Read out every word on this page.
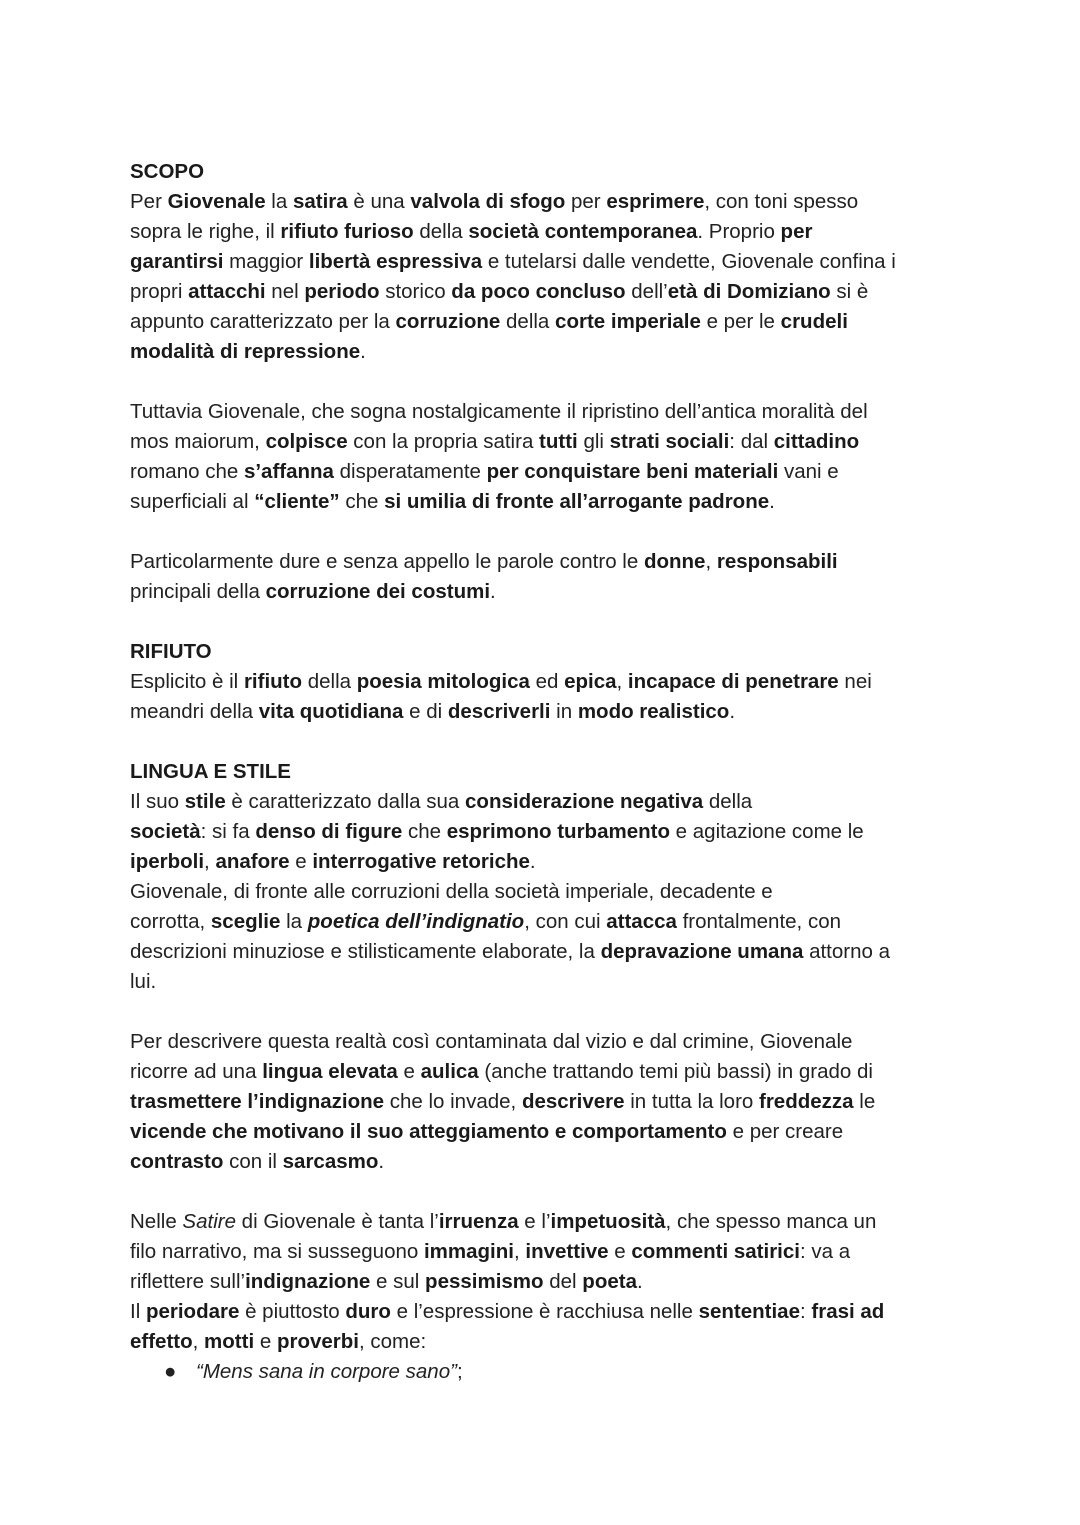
SCOPO

Per Giovenale la satira è una valvola di sfogo per esprimere, con toni spesso
sopra le righe, il rifiuto furioso della società contemporanea. Proprio per
garantirsi maggior libertà espressiva e tutelarsi dalle vendette, Giovenale confina i
propri attacchi nel periodo storico da poco concluso dell’età di Domiziano si è
appunto caratterizzato per la corruzione della corte imperiale e per le crudeli
modalità di repressione.

Tuttavia Giovenale, che sogna nostalgicamente il ripristino dell’antica moralità del
mos maiorum, colpisce con la propria satira tutti gli strati sociali: dal cittadino
romano che s’affanna disperatamente per conquistare beni materiali vani e
superficiali al “cliente” che si umilia di fronte all’arrogante padrone.

Particolarmente dure e senza appello le parole contro le donne, responsabili
principali della corruzione dei costumi.

RIFIUTO

Esplicito è il rifiuto della poesia mitologica ed epica, incapace di penetrare nei
meandri della vita quotidiana e di descriverli in modo realistico.

LINGUA E STILE

Il suo stile è caratterizzato dalla sua considerazione negativa della
società: si fa denso di figure che esprimono turbamento e agitazione come le
iperboli, anafore e interrogative retoriche.
Giovenale, di fronte alle corruzioni della società imperiale, decadente e
corrotta, sceglie la poetica dell’indignatio, con cui attacca frontalmente, con
descrizioni minuziose e stilisticamente elaborate, la depravazione umana attorno a
lui.

Per descrivere questa realtà così contaminata dal vizio e dal crimine, Giovenale
ricorre ad una lingua elevata e aulica (anche trattando temi più bassi) in grado di
trasmettere l’indignazione che lo invade, descrivere in tutta la loro freddezza le
vicende che motivano il suo atteggiamento e comportamento e per creare
contrasto con il sarcasmo.

Nelle Satire di Giovenale è tanta l’irruenza e l’impetuosità, che spesso manca un
filo narrativo, ma si susseguono immagini, invettive e commenti satirici: va a
riflettere sull’indignazione e sul pessimismo del poeta.
Il periodare è piuttosto duro e l’espressione è racchiusa nelle sententiae: frasi ad
effetto, motti e proverbi, come:

● “Mens sana in corpore sano”;
